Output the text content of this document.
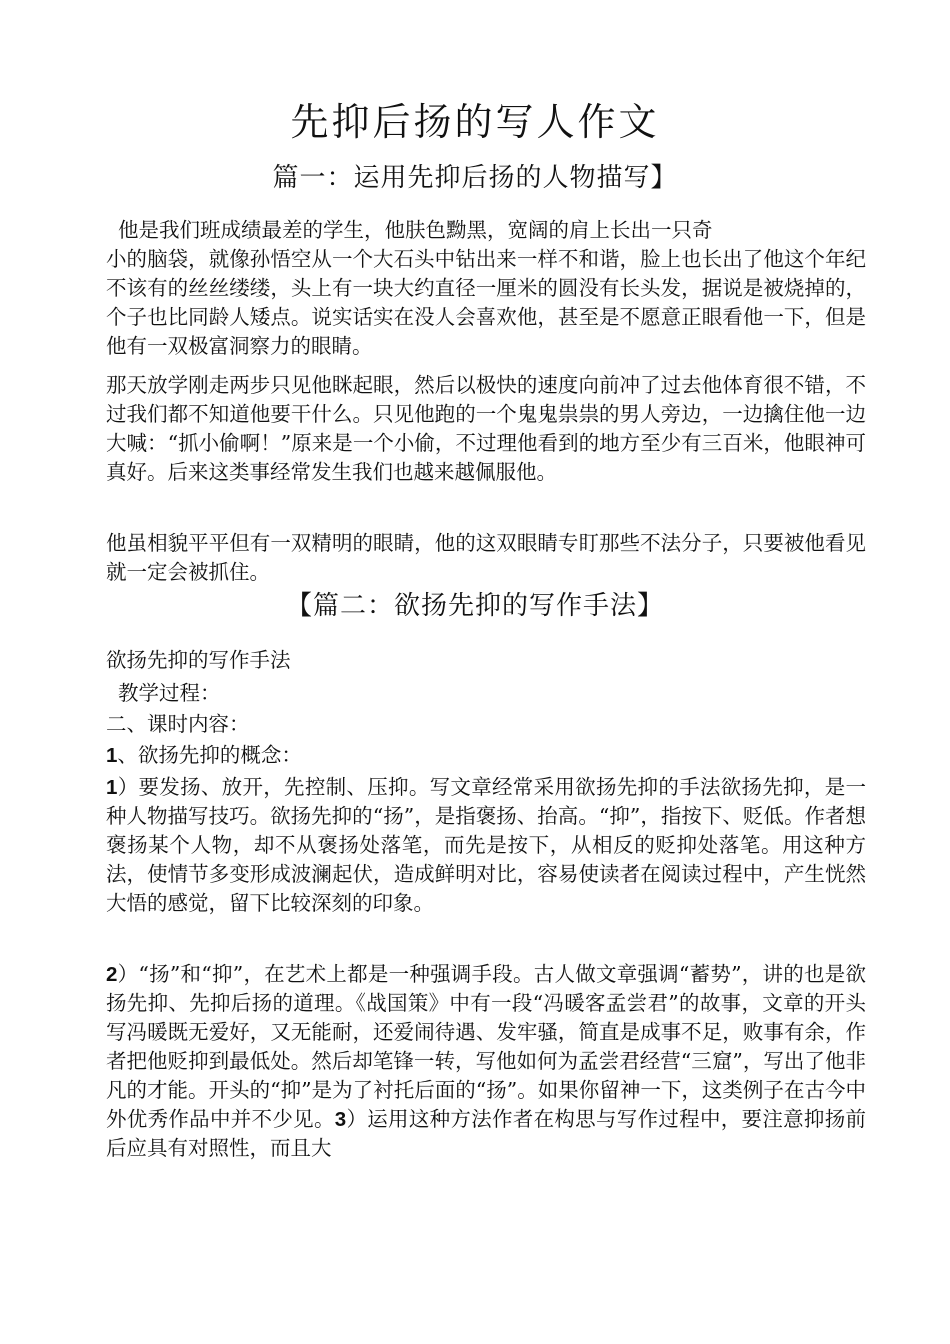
先抑后扬的写人作文
篇一：运用先抑后扬的人物描写】
他是我们班成绩最差的学生，他肤色黝黑，宽阔的肩上长出一只奇
小的脑袋，就像孙悟空从一个大石头中钻出来一样不和谐，脸上也长出了他这个年纪不该有的丝丝缕缕，头上有一块大约直径一厘米的圆没有长头发，据说是被烧掉的，个子也比同龄人矮点。说实话实在没人会喜欢他，甚至是不愿意正眼看他一下，但是他有一双极富洞察力的眼睛。
那天放学刚走两步只见他眯起眼，然后以极快的速度向前冲了过去他体育很不错，不过我们都不知道他要干什么。只见他跑的一个鬼鬼祟祟的男人旁边，一边擒住他一边大喊：“抓小偷啊！”原来是一个小偷，不过理他看到的地方至少有三百米，他眼神可真好。后来这类事经常发生我们也越来越佩服他。
他虽相貌平平但有一双精明的眼睛，他的这双眼睛专盯那些不法分子，只要被他看见就一定会被抓住。
【篇二：欲扬先抑的写作手法】
欲扬先抑的写作手法
教学过程：
二、课时内容：
1、欲扬先抑的概念：
1）要发扬、放开，先控制、压抑。写文章经常采用欲扬先抑的手法欲扬先抑，是一种人物描写技巧。欲扬先抑的“扬”，是指褒扬、抬高。“抑”，指按下、贬低。作者想褒扬某个人物，却不从褒扬处落笔，而先是按下，从相反的贬抑处落笔。用这种方法，使情节多变形成波澜起伏，造成鲜明对比，容易使读者在阅读过程中，产生恍然大悟的感觉，留下比较深刻的印象。
2）“扬”和“抑”，在艺术上都是一种强调手段。古人做文章强调“蓄势”，讲的也是欲扬先抑、先抑后扬的道理。《战国策》中有一段“冯暖客孟尝君”的故事，文章的开头写冯暖既无爱好，又无能耐，还爱闹待遇、发牢骚，简直是成事不足，败事有余，作者把他贬抑到最低处。然后却笔锋一转，写他如何为孟尝君经营“三窟”，写出了他非凡的才能。开头的“抑”是为了衬托后面的“扬”。如果你留神一下，这类例子在古今中外优秀作品中并不少见。3）运用这种方法作者在构思与写作过程中，要注意抑扬前后应具有对照性，而且大
